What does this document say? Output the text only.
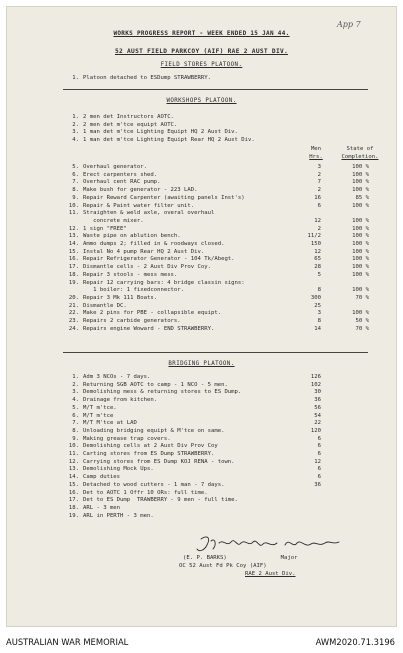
App 7
WORKS PROGRESS REPORT - WEEK ENDED 15 JAN 44.
52 AUST FIELD PARKCOY (AIF) RAE 2 AUST DIV.
FIELD STORES PLATOON.
1. Platoon detached to ESDump STRAWBERRY.
WORKSHOPS PLATOON.
Men	State of
Hrs.	Completion.
1. 2 men det Instructors AOTC.
2. 2 men det m'tce equipt AOTC.
3. 1 man det m'tce Lighting Equipt HQ 2 Aust Div.
4. 1 man det m'tce Lighting Equipt Rear HQ 2 Aust Div.
5. Overhaul generator.	3	100 %
6. Erect carpenters shed.	2	100 %
7. Overhaul cent RAC pump.	7	100 %
8. Make bush for generator - 223 LAD.	2	100 %
9. Repair Reward Carpenter (awaiting panels Inst's)	16	85 %
10. Repair & Paint water filter unit.	6	100 %
11. Straighten & weld axle, overal overhaul
concrete mixer.	12	100 %
12. 1 sign "FREE"	2	100 %
13. Waste pipe on ablution bench.	11/2	100 %
14. Ammo dumps 2; filled in & roodways closed.	150	100 %
15. Instal No 4 pump Rear HQ 2 Aust Div.	12	100 %
16. Repair Refrigerator Generator - 104 Tk/Abegt.	65	100 %
17. Dismantle cells - 2 Aust Div Prov Coy.	28	100 %
18. Repair 3 stools - mess mess.	5	100 %
19. Repair 12 carrying bars: 4 bridge classin signs:
1 boiler: 1 fixedconnector.	8	100 %
20. Repair 3 Mk 111 Boats.	300	70 %
21. Dismantle DC.	25
22. Make 2 pins for PBE - collapsible equipt.	3	100 %
23. Repairs 2 carbide generators.	8	50 %
24. Repairs engine Woward - END STRAWBERRY.	14	70 %
BRIDGING PLATOON.
1. Adm 3 NCOs - 7 days.	126
2. Returning SGB AOTC to camp - 1 NCO - 5 men.	102
3. Demolishing mess & returning stores to ES Dump.	30
4. Drainage from kitchen.	36
5. M/T m'tce.	56
6. M/T m'tce	54
7. M/T M'tce at LAD	22
8. Unloading bridging equipt & M'tce on same.	120
9. Making grease trap covers.	6
10. Demolishing cells at 2 Aust Div Prov Coy	6
11. Carting stores from ES Dump STRAWBERRY.	6
12. Carrying stores from ES Dump KOJ RENA - town.	12
13. Demolishing Mock Ups.	6
14. Camp duties	6
15. Detached to wood cutters - 1 man - 7 days.	36
16. Det to AOTC 1 Offr 10 ORs: full time.
17. Det to ES Dump  TRAWBERRY - 9 men - full time.
18. ARL - 3 men
19. ARL in PERTH - 3 men.
(E. P. BARKS)	Major
OC 52 Aust Fd Pk Coy (AIF)
RAE 2 Aust Div.
AUSTRALIAN WAR MEMORIAL	AWM2020.71.3196
